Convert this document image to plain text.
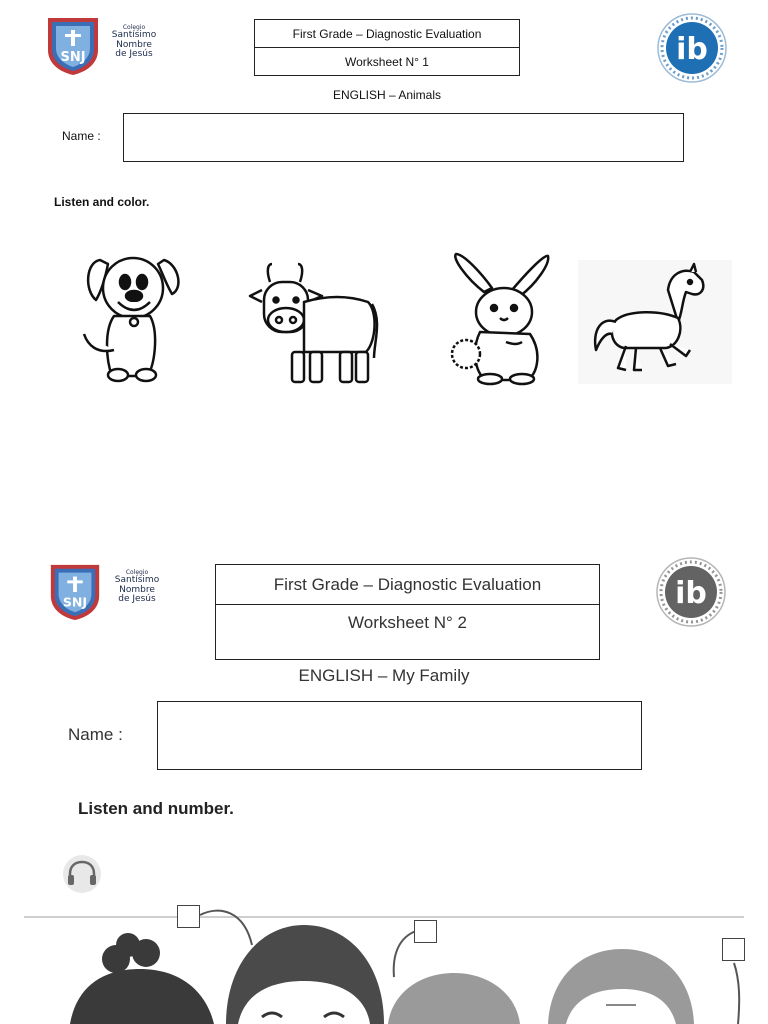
SNJ
Colegio
Santísimo
Nombre
de Jesús
First Grade – Diagnostic Evaluation
Worksheet N° 1	ib
ENGLISH – Animals
Name :
Listen and color.
SNJ
Colegio
Santísimo
Nombre
de Jesús
First Grade – Diagnostic Evaluation
Worksheet N° 2
ib
ENGLISH – My Family
Name :
Listen and number.
